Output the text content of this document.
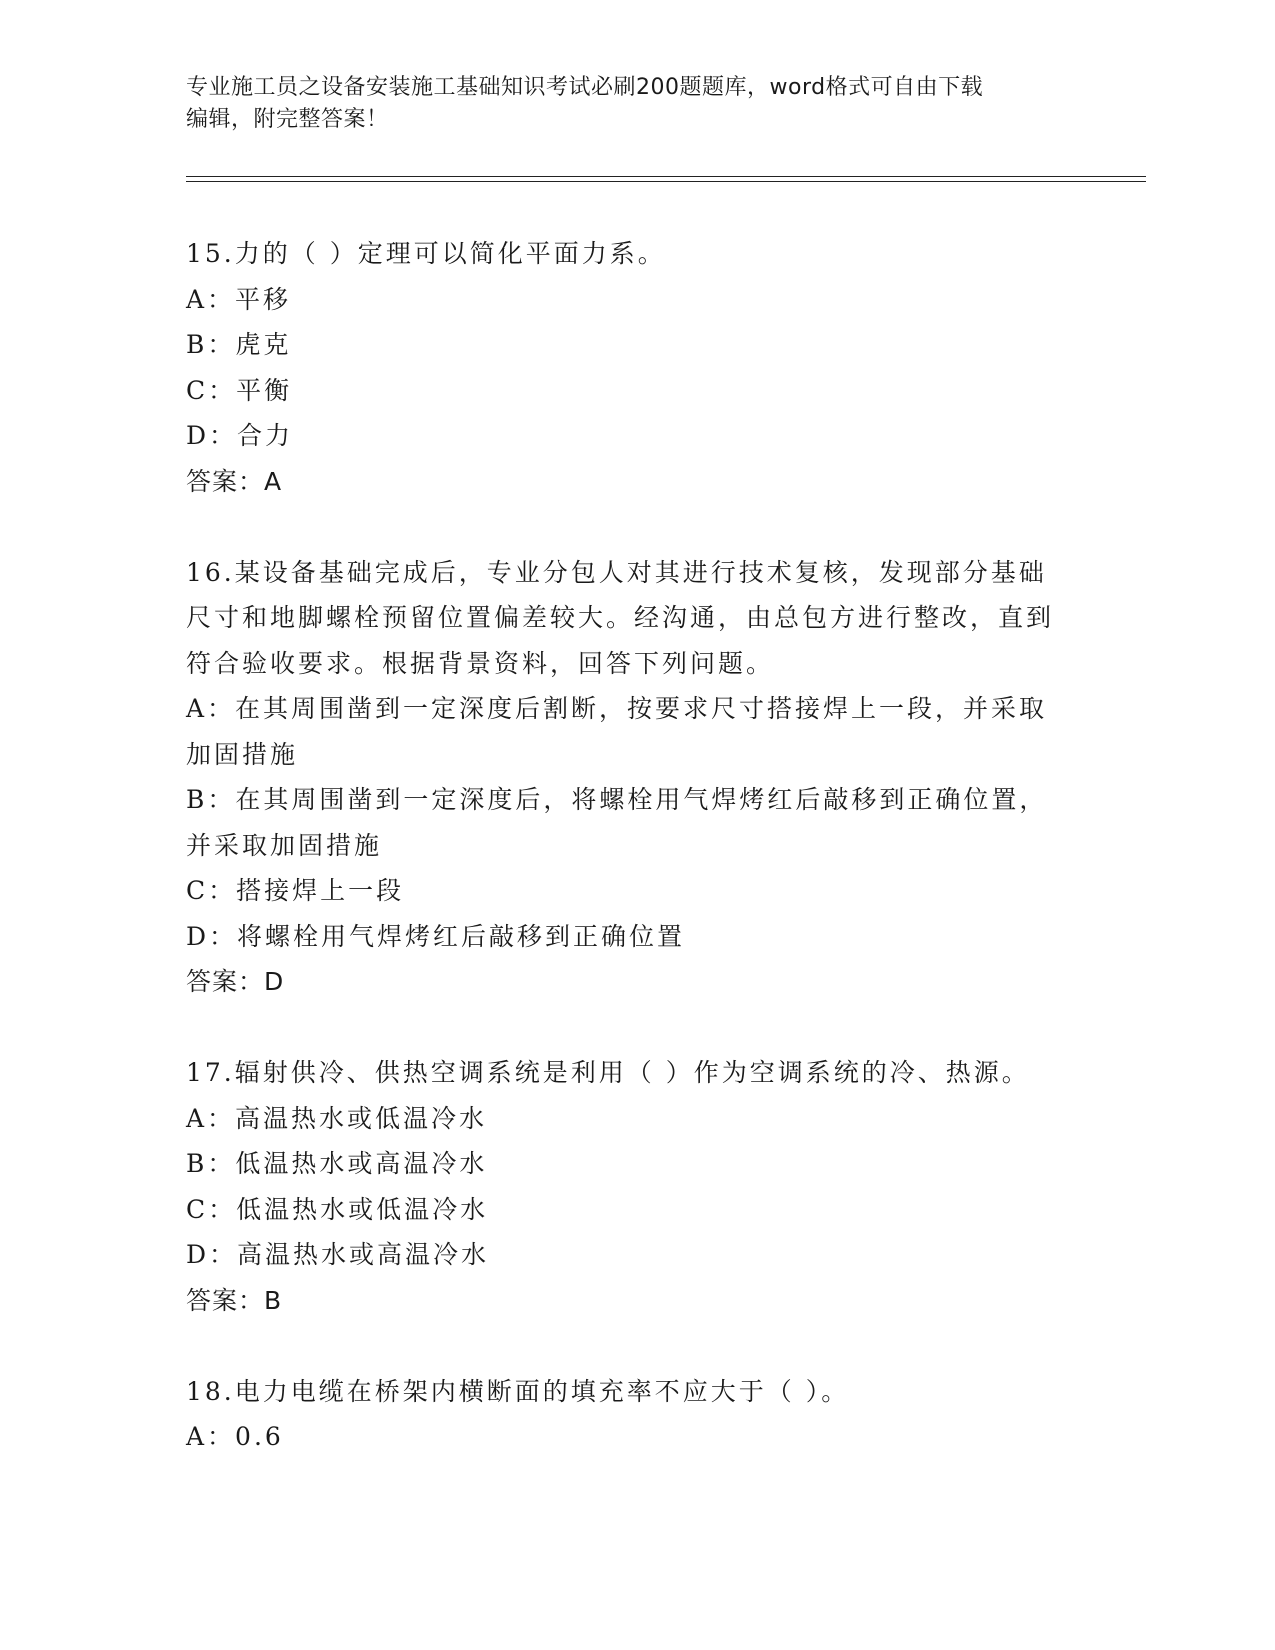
专业施工员之设备安装施工基础知识考试必刷200题题库，word格式可自由下载
编辑，附完整答案！

15.力的（ ）定理可以简化平面力系。

A：平移

B：虎克

C：平衡

D：合力

答案：A

16.某设备基础完成后，专业分包人对其进行技术复核，发现部分基础尺寸和地脚螺栓预留位置偏差较大。经沟通，由总包方进行整改，直到符合验收要求。根据背景资料，回答下列问题。

A：在其周围凿到一定深度后割断，按要求尺寸搭接焊上一段，并采取加固措施

B：在其周围凿到一定深度后，将螺栓用气焊烤红后敲移到正确位置，并采取加固措施

C：搭接焊上一段

D：将螺栓用气焊烤红后敲移到正确位置

答案：D

17.辐射供冷、供热空调系统是利用（ ）作为空调系统的冷、热源。

A：高温热水或低温冷水

B：低温热水或高温冷水

C：低温热水或低温冷水

D：高温热水或高温冷水

答案：B

18.电力电缆在桥架内横断面的填充率不应大于（ ）。

A：0.6
